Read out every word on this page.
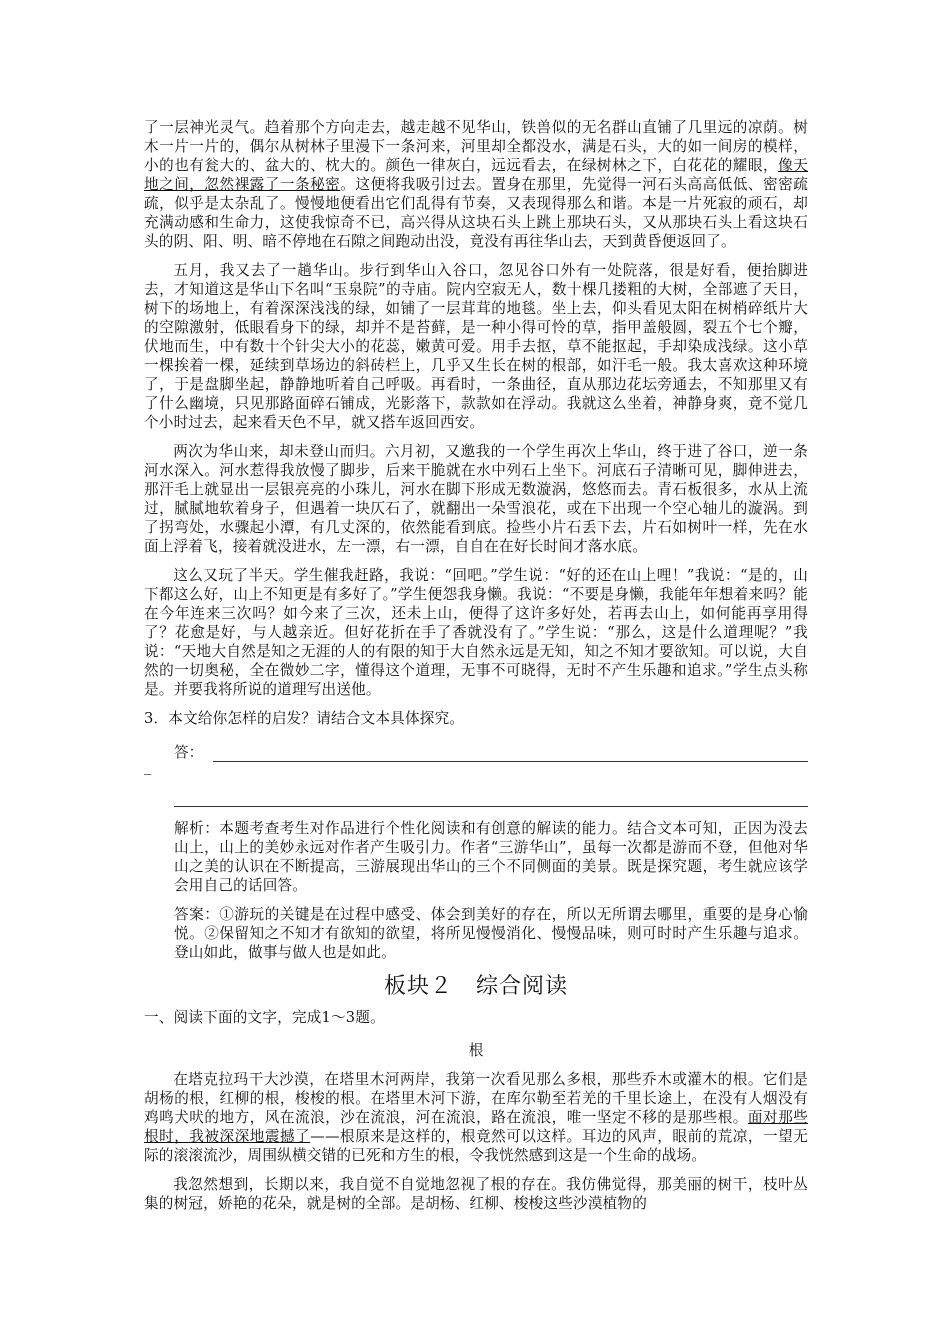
了一层神光灵气。趋着那个方向走去，越走越不见华山，铁兽似的无名群山直铺了几里远的凉荫。树木一片一片的，偶尔从树林子里漫下一条河来，河里却全都没水，满是石头，大的如一间房的模样，小的也有瓮大的、盆大的、枕大的。颜色一律灰白，远远看去，在绿树林之下，白花花的耀眼，像天地之间，忽然裸露了一条秘密。这便将我吸引过去。置身在那里，先觉得一河石头高高低低、密密疏疏，似乎是太杂乱了。慢慢地便看出它们乱得有节奏，又表现得那么和谐。本是一片死寂的顽石，却充满动感和生命力，这使我惊奇不已，高兴得从这块石头上跳上那块石头，又从那块石头上看这块石头的阴、阳、明、暗不停地在石隙之间跑动出没，竟没有再往华山去，天到黄昏便返回了。

五月，我又去了一趟华山。步行到华山入谷口，忽见谷口外有一处院落，很是好看，便抬脚进去，才知道这是华山下名叫“玉泉院”的寺庙。院内空寂无人，数十棵几搂粗的大树，全部遮了天日，树下的场地上，有着深深浅浅的绿，如铺了一层茸茸的地毯。坐上去，仰头看见太阳在树梢碎纸片大的空隙激射，低眼看身下的绿，却并不是苔藓，是一种小得可怜的草，指甲盖般圆，裂五个七个瓣，伏地而生，中有数十个针尖大小的花蕊，嫩黄可爱。用手去抠，草不能抠起，手却染成浅绿。这小草一棵挨着一棵，延续到草场边的斜砖栏上，几乎又生长在树的根部，如汗毛一般。我太喜欢这种环境了，于是盘脚坐起，静静地听着自己呼吸。再看时，一条曲径，直从那边花坛旁通去，不知那里又有了什么幽境，只见那路面碎石铺成，光影落下，款款如在浮动。我就这么坐着，神静身爽，竟不觉几个小时过去，起来看天色不早，就又搭车返回西安。

两次为华山来，却未登山而归。六月初，又邀我的一个学生再次上华山，终于进了谷口，逆一条河水深入。河水惹得我放慢了脚步，后来干脆就在水中列石上坐下。河底石子清晰可见，脚伸进去，那汗毛上就显出一层银亮亮的小珠儿，河水在脚下形成无数漩涡，悠悠而去。青石板很多，水从上流过，腻腻地软着身子，但遇着一块仄石了，就翻出一朵雪浪花，或在下出现一个空心轴儿的漩涡。到了拐弯处，水骤起小潭，有几丈深的，依然能看到底。捡些小片石丢下去，片石如树叶一样，先在水面上浮着飞，接着就没进水，左一漂，右一漂，自自在在好长时间才落水底。

这么又玩了半天。学生催我赶路，我说：“回吧。”学生说：“好的还在山上哩！”我说：“是的，山下都这么好，山上不知更是有多好了。”学生便怨我身懒。我说：“不要是身懒，我能年年想着来吗？能在今年连来三次吗？如今来了三次，还未上山，便得了这许多好处，若再去山上，如何能再享用得了？花愈是好，与人越亲近。但好花折在手了香就没有了。”学生说：“那么，这是什么道理呢？”我说：“天地大自然是知之无涯的人的有限的知于大自然永远是无知，知之不知才要欲知。可以说，大自然的一切奥秘，全在微妙二字，懂得这个道理，无事不可晓得，无时不产生乐趣和追求。”学生点头称是。并要我将所说的道理写出送他。

3．本文给你怎样的启发？请结合文本具体探究。

答：
_

解析：本题考查考生对作品进行个性化阅读和有创意的解读的能力。结合文本可知，正因为没去山上，山上的美妙永远对作者产生吸引力。作者“三游华山”，虽每一次都是游而不登，但他对华山之美的认识在不断提高，三游展现出华山的三个不同侧面的美景。既是探究题，考生就应该学会用自己的话回答。

答案：①游玩的关键是在过程中感受、体会到美好的存在，所以无所谓去哪里，重要的是身心愉悦。②保留知之不知才有欲知的欲望，将所见慢慢消化、慢慢品味，则可时时产生乐趣与追求。登山如此，做事与做人也是如此。

板块２　综合阅读

一、阅读下面的文字，完成1～3题。

根

在塔克拉玛干大沙漠，在塔里木河两岸，我第一次看见那么多根，那些乔木或灌木的根。它们是胡杨的根，红柳的根，梭梭的根。在塔里木河下游，在库尔勒至若羌的千里长途上，在没有人烟没有鸡鸣犬吠的地方，风在流浪，沙在流浪，河在流浪，路在流浪，唯一坚定不移的是那些根。面对那些根时，我被深深地震撼了——根原来是这样的，根竟然可以这样。耳边的风声，眼前的荒凉，一望无际的滚滚流沙，周围纵横交错的已死和方生的根，令我恍然感到这是一个生命的战场。

我忽然想到，长期以来，我自觉不自觉地忽视了根的存在。我仿佛觉得，那美丽的树干，枝叶丛集的树冠，娇艳的花朵，就是树的全部。是胡杨、红柳、梭梭这些沙漠植物的
